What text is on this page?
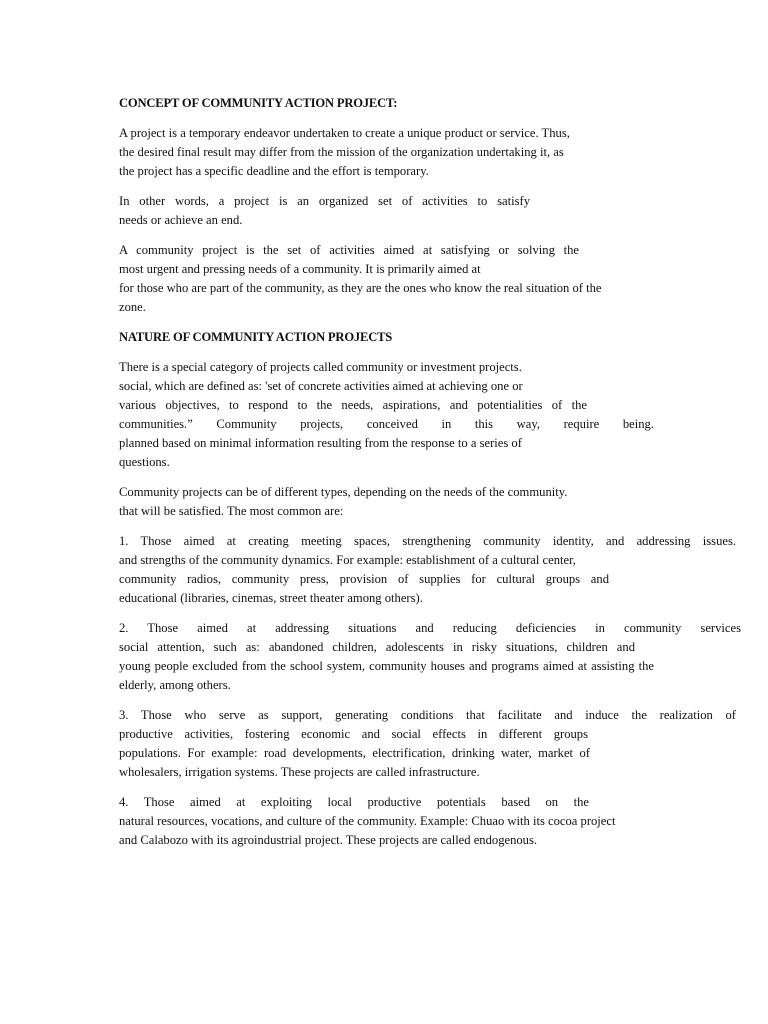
CONCEPT OF COMMUNITY ACTION PROJECT:
A project is a temporary endeavor undertaken to create a unique product or service. Thus,
the desired final result may differ from the mission of the organization undertaking it, as
the project has a specific deadline and the effort is temporary.
In other words, a project is an organized set of activities to satisfy
needs or achieve an end.
A community project is the set of activities aimed at satisfying or solving the
most urgent and pressing needs of a community. It is primarily aimed at
for those who are part of the community, as they are the ones who know the real situation of the
zone.
NATURE OF COMMUNITY ACTION PROJECTS
There is a special category of projects called community or investment projects.
social, which are defined as: 'set of concrete activities aimed at achieving one or
various objectives, to respond to the needs, aspirations, and potentialities of the
communities.” Community projects, conceived in this way, require being.
planned based on minimal information resulting from the response to a series of
questions.
Community projects can be of different types, depending on the needs of the community.
that will be satisfied. The most common are:
1. Those aimed at creating meeting spaces, strengthening community identity, and addressing issues.
and strengths of the community dynamics. For example: establishment of a cultural center,
community radios, community press, provision of supplies for cultural groups and
educational (libraries, cinemas, street theater among others).
2. Those aimed at addressing situations and reducing deficiencies in community services
social attention, such as: abandoned children, adolescents in risky situations, children and
young people excluded from the school system, community houses and programs aimed at assisting the
elderly, among others.
3. Those who serve as support, generating conditions that facilitate and induce the realization of
productive activities, fostering economic and social effects in different groups
populations. For example: road developments, electrification, drinking water, market of
wholesalers, irrigation systems. These projects are called infrastructure.
4. Those aimed at exploiting local productive potentials based on the
natural resources, vocations, and culture of the community. Example: Chuao with its cocoa project
and Calabozo with its agroindustrial project. These projects are called endogenous.
